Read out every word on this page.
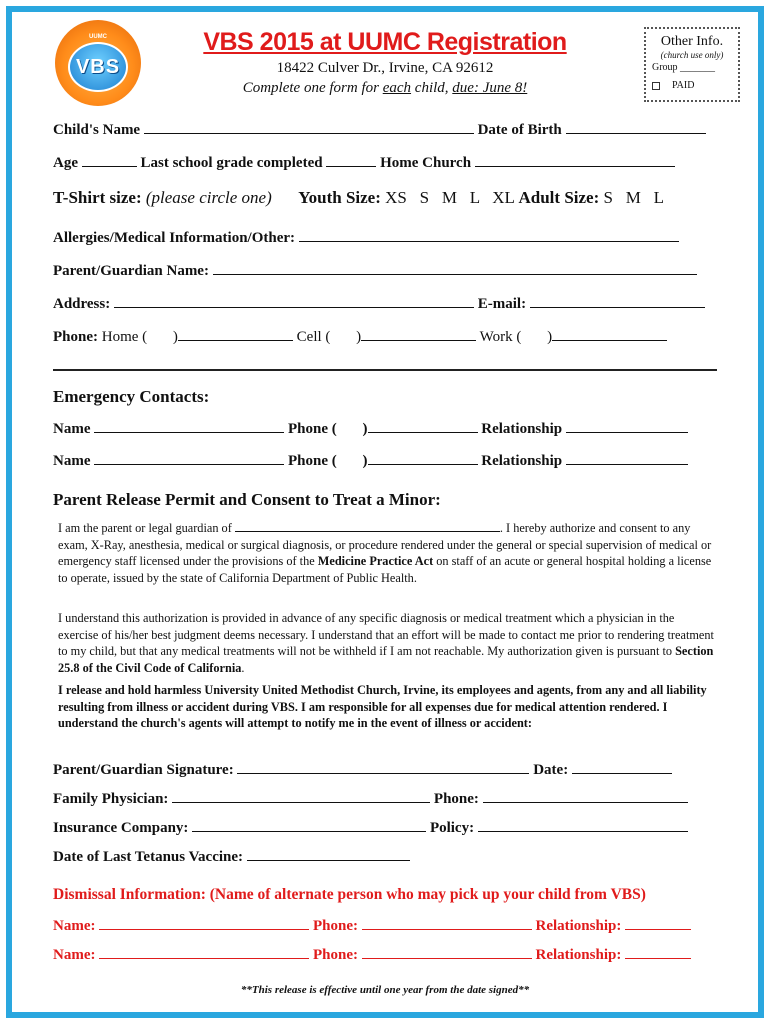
UUMC
VBS
VBS 2015 at UUMC Registration
18422 Culver Dr., Irvine, CA 92612
Complete one form for each child, due: June 8!
Other Info.
(church use only)
Group _______
PAID
Child's Name	Date of Birth
Age	Last school grade completed	Home Church
T-Shirt size: (please circle one) Youth Size: XS   S   M   L   XL Adult Size: S   M   L
Allergies/Medical Information/Other:
Parent/Guardian Name:
Address:	E-mail:
Phone: Home ( )	Cell ( )	Work ( )
Emergency Contacts:
Name	Phone ( )	Relationship
Name	Phone ( )	Relationship
Parent Release Permit and Consent to Treat a Minor:
I am the parent or legal guardian of	. I hereby authorize and consent to any exam, X-Ray, anesthesia, medical or surgical diagnosis, or procedure rendered under the general or special supervision of medical or emergency staff licensed under the provisions of the Medicine Practice Act on staff of an acute or general hospital holding a license to operate, issued by the state of California Department of Public Health.
I understand this authorization is provided in advance of any specific diagnosis or medical treatment which a physician in the exercise of his/her best judgment deems necessary. I understand that an effort will be made to contact me prior to rendering treatment to my child, but that any medical treatments will not be withheld if I am not reachable. My authorization given is pursuant to Section 25.8 of the Civil Code of California.
I release and hold harmless University United Methodist Church, Irvine, its employees and agents, from any and all liability resulting from illness or accident during VBS. I am responsible for all expenses due for medical attention rendered. I understand the church's agents will attempt to notify me in the event of illness or accident:
Parent/Guardian Signature:	Date:
Family Physician:	Phone:
Insurance Company:	Policy:
Date of Last Tetanus Vaccine:
Dismissal Information: (Name of alternate person who may pick up your child from VBS)
Name:	Phone:	Relationship:
Name:	Phone:	Relationship:
**This release is effective until one year from the date signed**
